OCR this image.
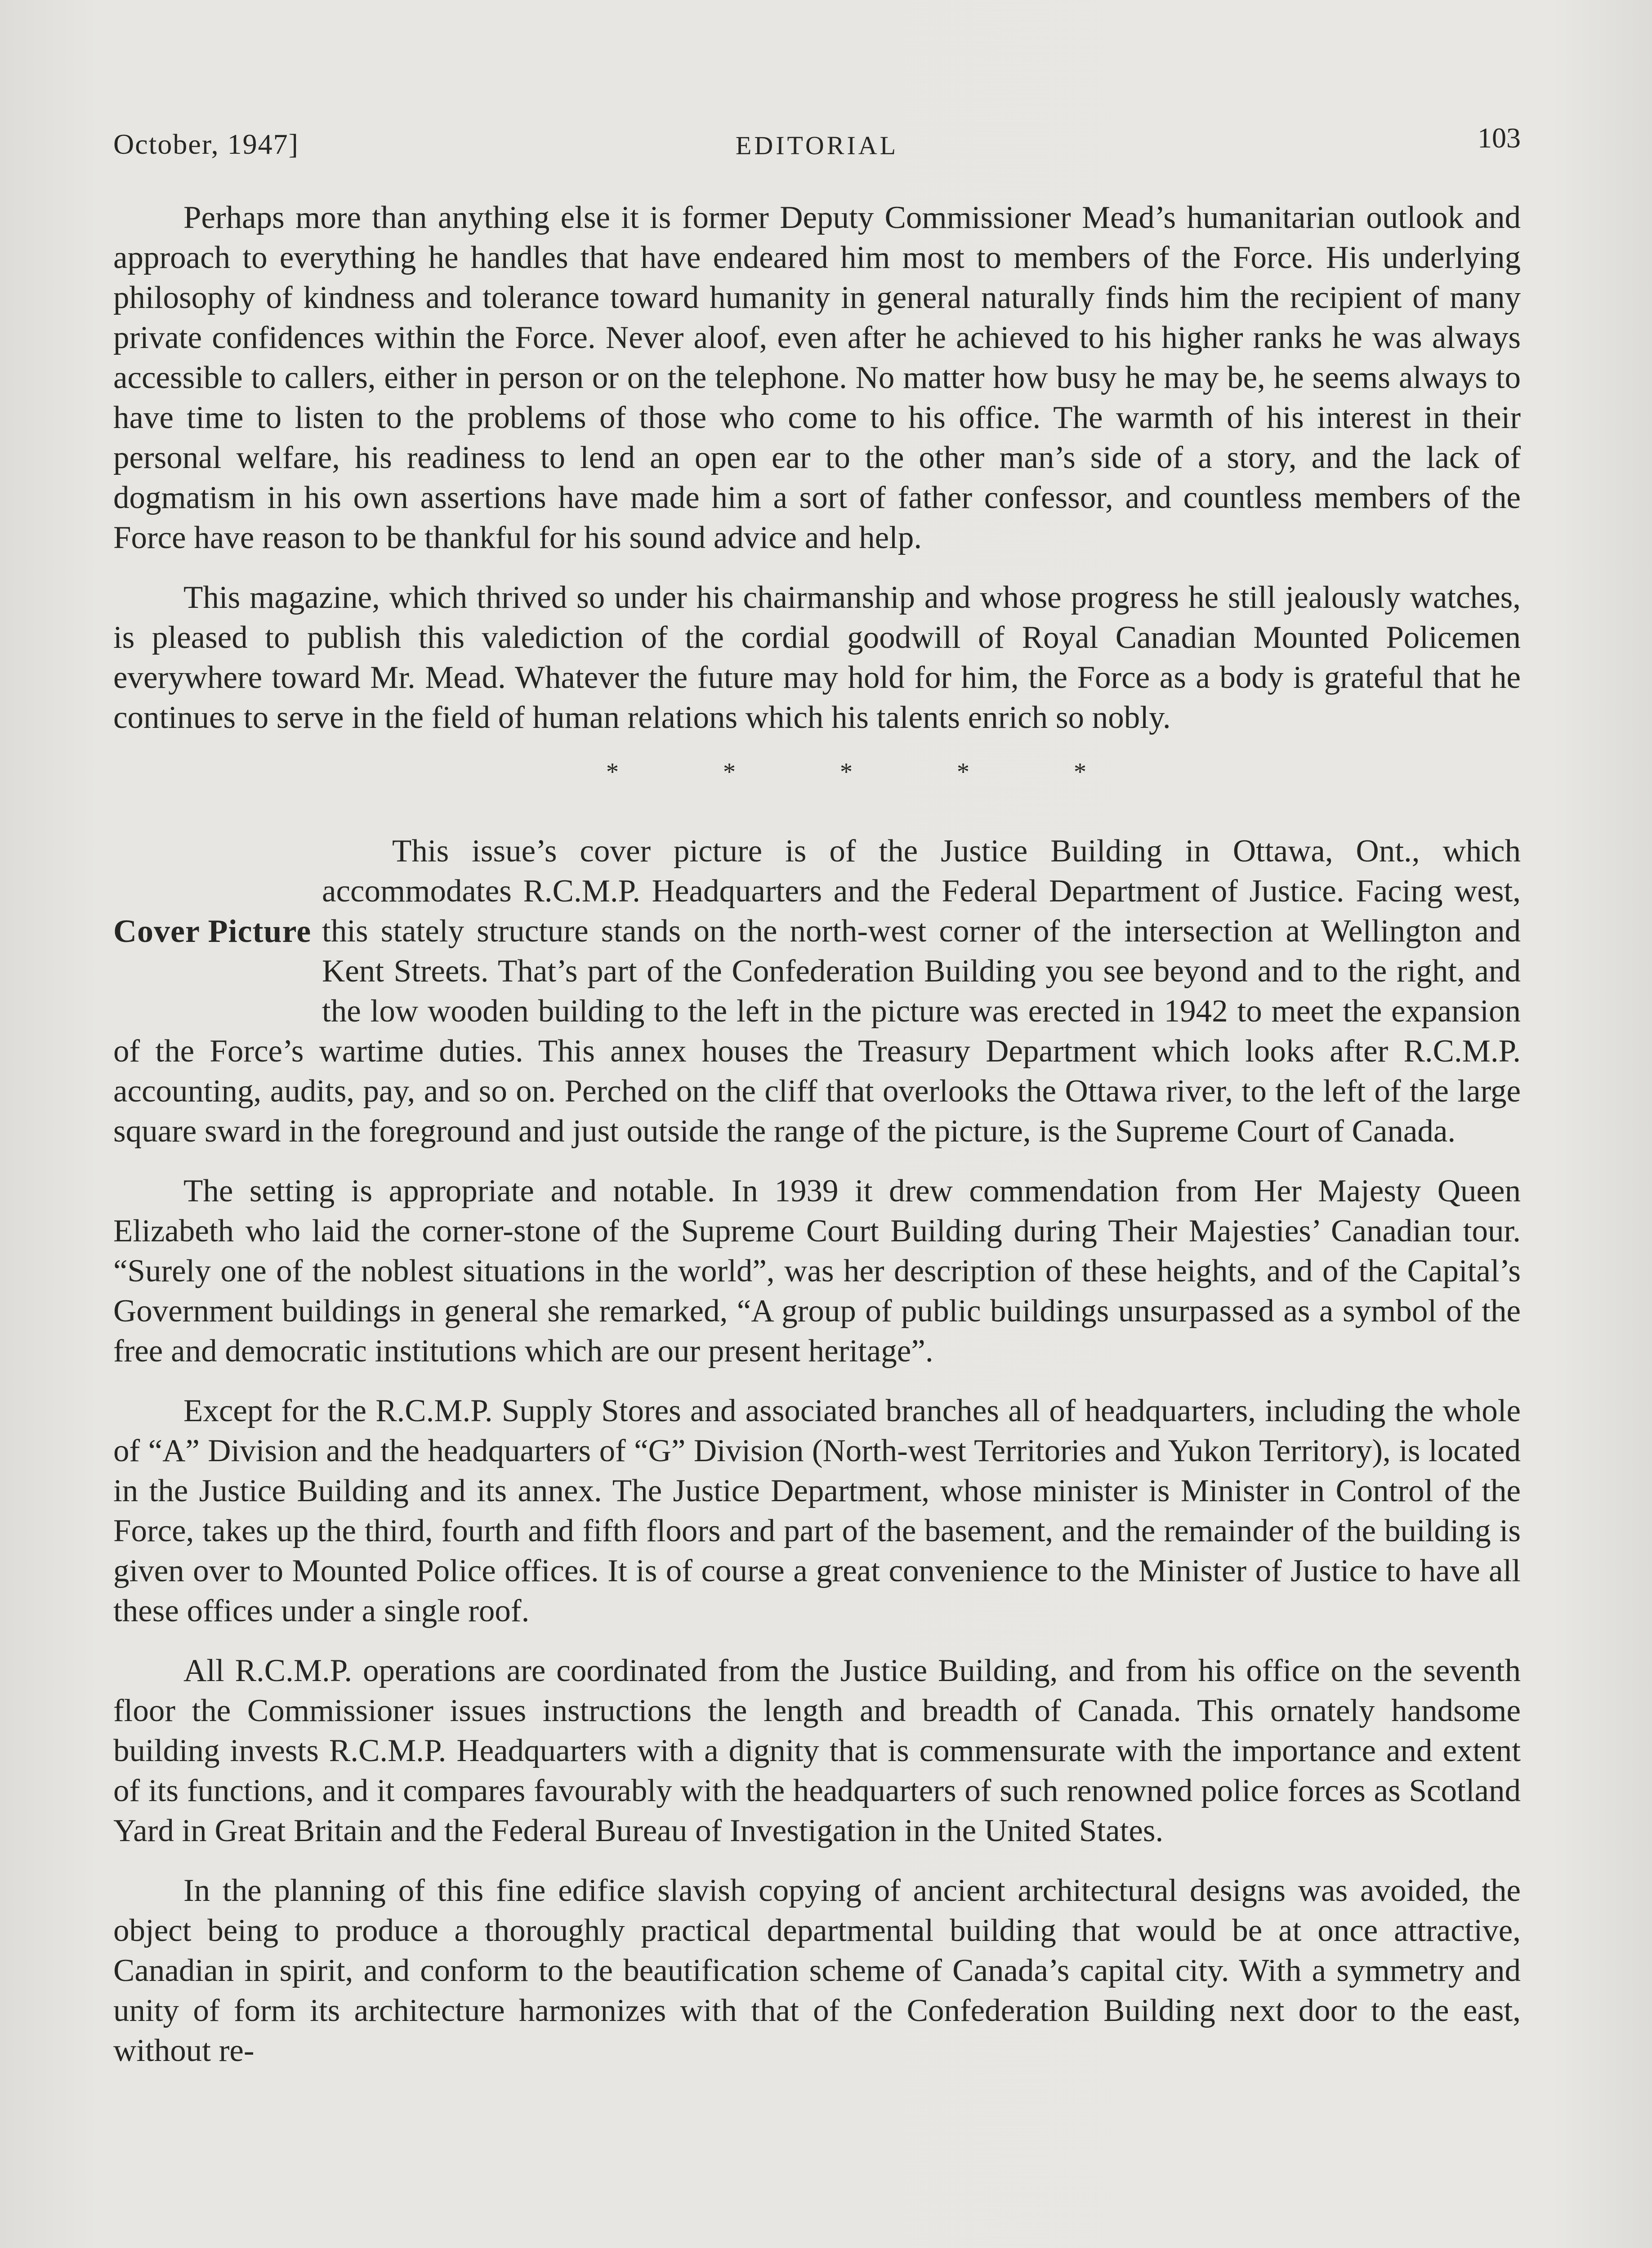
October, 1947]	EDITORIAL	103

Perhaps more than anything else it is former Deputy Commissioner Mead’s humanitarian outlook and approach to everything he handles that have endeared him most to members of the Force. His underlying philosophy of kindness and tolerance toward humanity in general naturally finds him the recipient of many private confidences within the Force. Never aloof, even after he achieved to his higher ranks he was always accessible to callers, either in person or on the telephone. No matter how busy he may be, he seems always to have time to listen to the problems of those who come to his office. The warmth of his interest in their personal welfare, his readiness to lend an open ear to the other man’s side of a story, and the lack of dogmatism in his own assertions have made him a sort of father confessor, and countless members of the Force have reason to be thankful for his sound advice and help.

This magazine, which thrived so under his chairmanship and whose progress he still jealously watches, is pleased to publish this valediction of the cordial goodwill of Royal Canadian Mounted Policemen everywhere toward Mr. Mead. Whatever the future may hold for him, the Force as a body is grateful that he continues to serve in the field of human relations which his talents enrich so nobly.

*	*	*	*	*

Cover Picture
This issue’s cover picture is of the Justice Building in Ottawa, Ont., which accommodates R.C.M.P. Headquarters and the Federal Department of Justice. Facing west, this stately structure stands on the north-west corner of the intersection at Wellington and Kent Streets. That’s part of the Confederation Building you see beyond and to the right, and the low wooden building to the left in the picture was erected in 1942 to meet the expansion of the Force’s wartime duties. This annex houses the Treasury Department which looks after R.C.M.P. accounting, audits, pay, and so on. Perched on the cliff that overlooks the Ottawa river, to the left of the large square sward in the foreground and just outside the range of the picture, is the Supreme Court of Canada.

The setting is appropriate and notable. In 1939 it drew commendation from Her Majesty Queen Elizabeth who laid the corner-stone of the Supreme Court Building during Their Majesties’ Canadian tour. “Surely one of the noblest situations in the world”, was her description of these heights, and of the Capital’s Government buildings in general she remarked, “A group of public buildings unsurpassed as a symbol of the free and democratic institutions which are our present heritage”.

Except for the R.C.M.P. Supply Stores and associated branches all of headquarters, including the whole of “A” Division and the headquarters of “G” Division (North-west Territories and Yukon Territory), is located in the Justice Building and its annex. The Justice Department, whose minister is Minister in Control of the Force, takes up the third, fourth and fifth floors and part of the basement, and the remainder of the building is given over to Mounted Police offices. It is of course a great convenience to the Minister of Justice to have all these offices under a single roof.

All R.C.M.P. operations are coordinated from the Justice Building, and from his office on the seventh floor the Commissioner issues instructions the length and breadth of Canada. This ornately handsome building invests R.C.M.P. Headquarters with a dignity that is commensurate with the importance and extent of its functions, and it compares favourably with the headquarters of such renowned police forces as Scotland Yard in Great Britain and the Federal Bureau of Investigation in the United States.

In the planning of this fine edifice slavish copying of ancient architectural designs was avoided, the object being to produce a thoroughly practical departmental building that would be at once attractive, Canadian in spirit, and conform to the beautification scheme of Canada’s capital city. With a symmetry and unity of form its architecture harmonizes with that of the Confederation Building next door to the east, without re-
